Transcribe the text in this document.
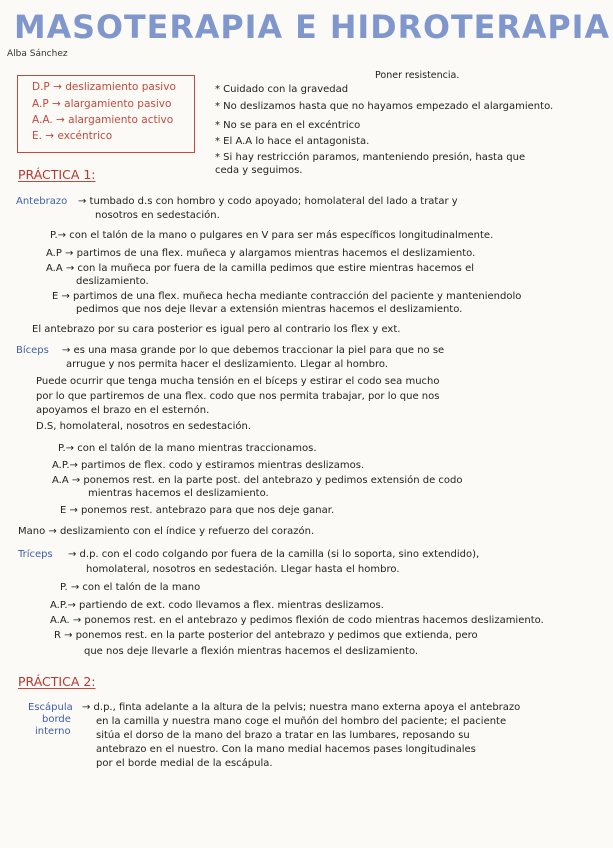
MASOTERAPIA E HIDROTERAPIA
Alba Sánchez
D.P → deslizamiento pasivo
A.P → alargamiento pasivo
A.A. → alargamiento activo
E. → excéntrico
Poner resistencia.
* Cuidado con la gravedad
* No deslizamos hasta que no hayamos empezado el alargamiento.
* No se para en el excéntrico
* El A.A lo hace el antagonista.
* Si hay restricción paramos, manteniendo presión, hasta que
ceda y seguimos.
PRÁCTICA 1:
Antebrazo → tumbado d.s con hombro y codo apoyado; homolateral del lado a tratar y
nosotros en sedestación.
P.→ con el talón de la mano o pulgares en V para ser más específicos longitudinalmente.
A.P → partimos de una flex. muñeca y alargamos mientras hacemos el deslizamiento.
A.A → con la muñeca por fuera de la camilla pedimos que estire mientras hacemos el
deslizamiento.
E → partimos de una flex. muñeca hecha mediante contracción del paciente y manteniendolo
pedimos que nos deje llevar a extensión mientras hacemos el deslizamiento.
El antebrazo por su cara posterior es igual pero al contrario los flex y ext.
Bíceps → es una masa grande por lo que debemos traccionar la piel para que no se
arrugue y nos permita hacer el deslizamiento. Llegar al hombro.
Puede ocurrir que tenga mucha tensión en el bíceps y estirar el codo sea mucho
por lo que partiremos de una flex. codo que nos permita trabajar, por lo que nos
apoyamos el brazo en el esternón.
D.S, homolateral, nosotros en sedestación.
P.→ con el talón de la mano mientras traccionamos.
A.P.→ partimos de flex. codo y estiramos mientras deslizamos.
A.A → ponemos rest. en la parte post. del antebrazo y pedimos extensión de codo
mientras hacemos el deslizamiento.
E → ponemos rest. antebrazo para que nos deje ganar.
Mano → deslizamiento con el índice y refuerzo del corazón.
Tríceps → d.p. con el codo colgando por fuera de la camilla (si lo soporta, sino extendido),
homolateral, nosotros en sedestación. Llegar hasta el hombro.
P. → con el talón de la mano
A.P.→ partiendo de ext. codo llevamos a flex. mientras deslizamos.
A.A. → ponemos rest. en el antebrazo y pedimos flexión de codo mientras hacemos deslizamiento.
R → ponemos rest. en la parte posterior del antebrazo y pedimos que extienda, pero
que nos deje llevarle a flexión mientras hacemos el deslizamiento.
PRÁCTICA 2:
Escápula
borde
interno
→ d.p., finta adelante a la altura de la pelvis; nuestra mano externa apoya el antebrazo
en la camilla y nuestra mano coge el muñón del hombro del paciente; el paciente
sitúa el dorso de la mano del brazo a tratar en las lumbares, reposando su
antebrazo en el nuestro. Con la mano medial hacemos pases longitudinales
por el borde medial de la escápula.
